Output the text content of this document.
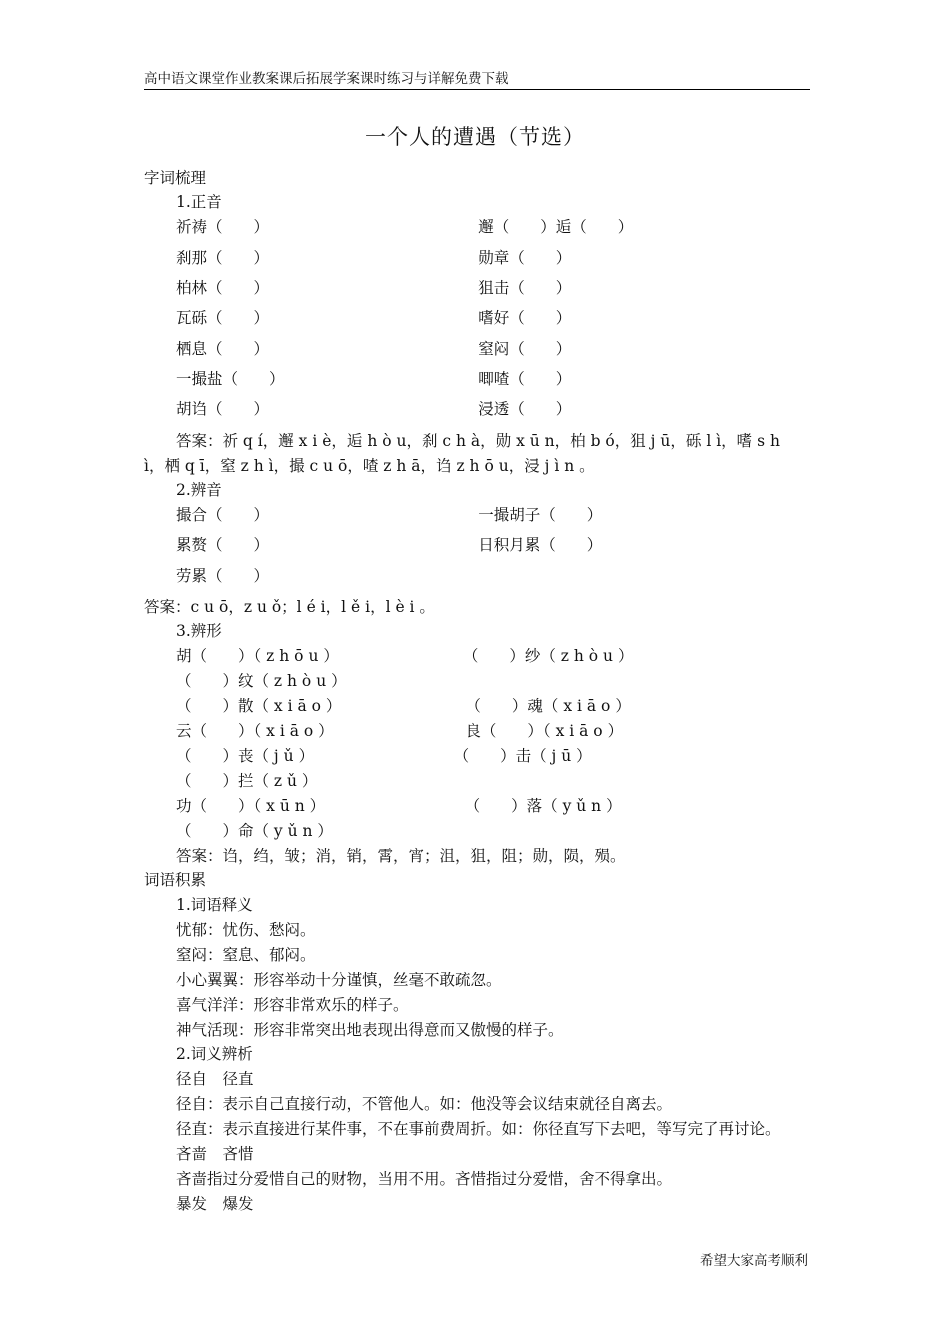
高中语文课堂作业教案课后拓展学案课时练习与详解免费下载
一个人的遭遇（节选）
字词梳理
1.正音
祈祷（　　）　　　　　　　　　　　　　　邂（　　）逅（　　）
刹那（　　）　　　　　　　　　　　　　　勋章（　　）
柏林（　　）　　　　　　　　　　　　　　狙击（　　）
瓦砾（　　）　　　　　　　　　　　　　　嗜好（　　）
栖息（　　）　　　　　　　　　　　　　　窒闷（　　）
一撮盐（　　）　　　　　　　　　　　　　唧喳（　　）
胡诌（　　）　　　　　　　　　　　　　　浸透（　　）
答案：祈 q í，邂 x i è，逅 h ò u，刹 c h à，勋 x ū n，柏 b ó，狙 j ū，砾 l ì，嗜 s h
ì，栖 q ī，窒 z h ì，撮 c u ō，喳 z h ā，诌 z h ō u，浸 j ì n 。
2.辨音
撮合（　　）　　　　　　　　　　　　　　一撮胡子（　　）
累赘（　　）　　　　　　　　　　　　　　日积月累（　　）
劳累（　　）
答案：c u ō，z u ǒ；l é i，l ě i，l è i 。
3.辨形
胡（　　）（ z h ō u ）　　　　　　　　　（　　）纱（ z h ò u ）　　
（　　）纹（ z h ò u ）
（　　）散（ x i ā o ）　　　　　　　　　（　　）魂（ x i ā o ）　
云（　　）（ x i ā o ）　　　　　　　　　良（　　）（ x i ā o ）
（　　）丧（ j ǔ ）　　　　　　　　　　（　　）击（ j ū ）　
（　　）拦（ z ǔ ）
功（　　）（ x ū n ）　　　　　　　　　　（　　）落（ y ǔ n ）
（　　）命（ y ǔ n ）
答案：诌，绉，皱；消，销，霄，宵；沮，狙，阻；勋，陨，殒。
词语积累
1.词语释义
忧郁：忧伤、愁闷。
窒闷：窒息、郁闷。
小心翼翼：形容举动十分谨慎，丝毫不敢疏忽。
喜气洋洋：形容非常欢乐的样子。
神气活现：形容非常突出地表现出得意而又傲慢的样子。
2.词义辨析　
径自　径直
径自：表示自己直接行动，不管他人。如：他没等会议结束就径自离去。
径直：表示直接进行某件事，不在事前费周折。如：你径直写下去吧，等写完了再讨论。
吝啬　吝惜
吝啬指过分爱惜自己的财物，当用不用。吝惜指过分爱惜，舍不得拿出。
暴发　爆发
希望大家高考顺利
